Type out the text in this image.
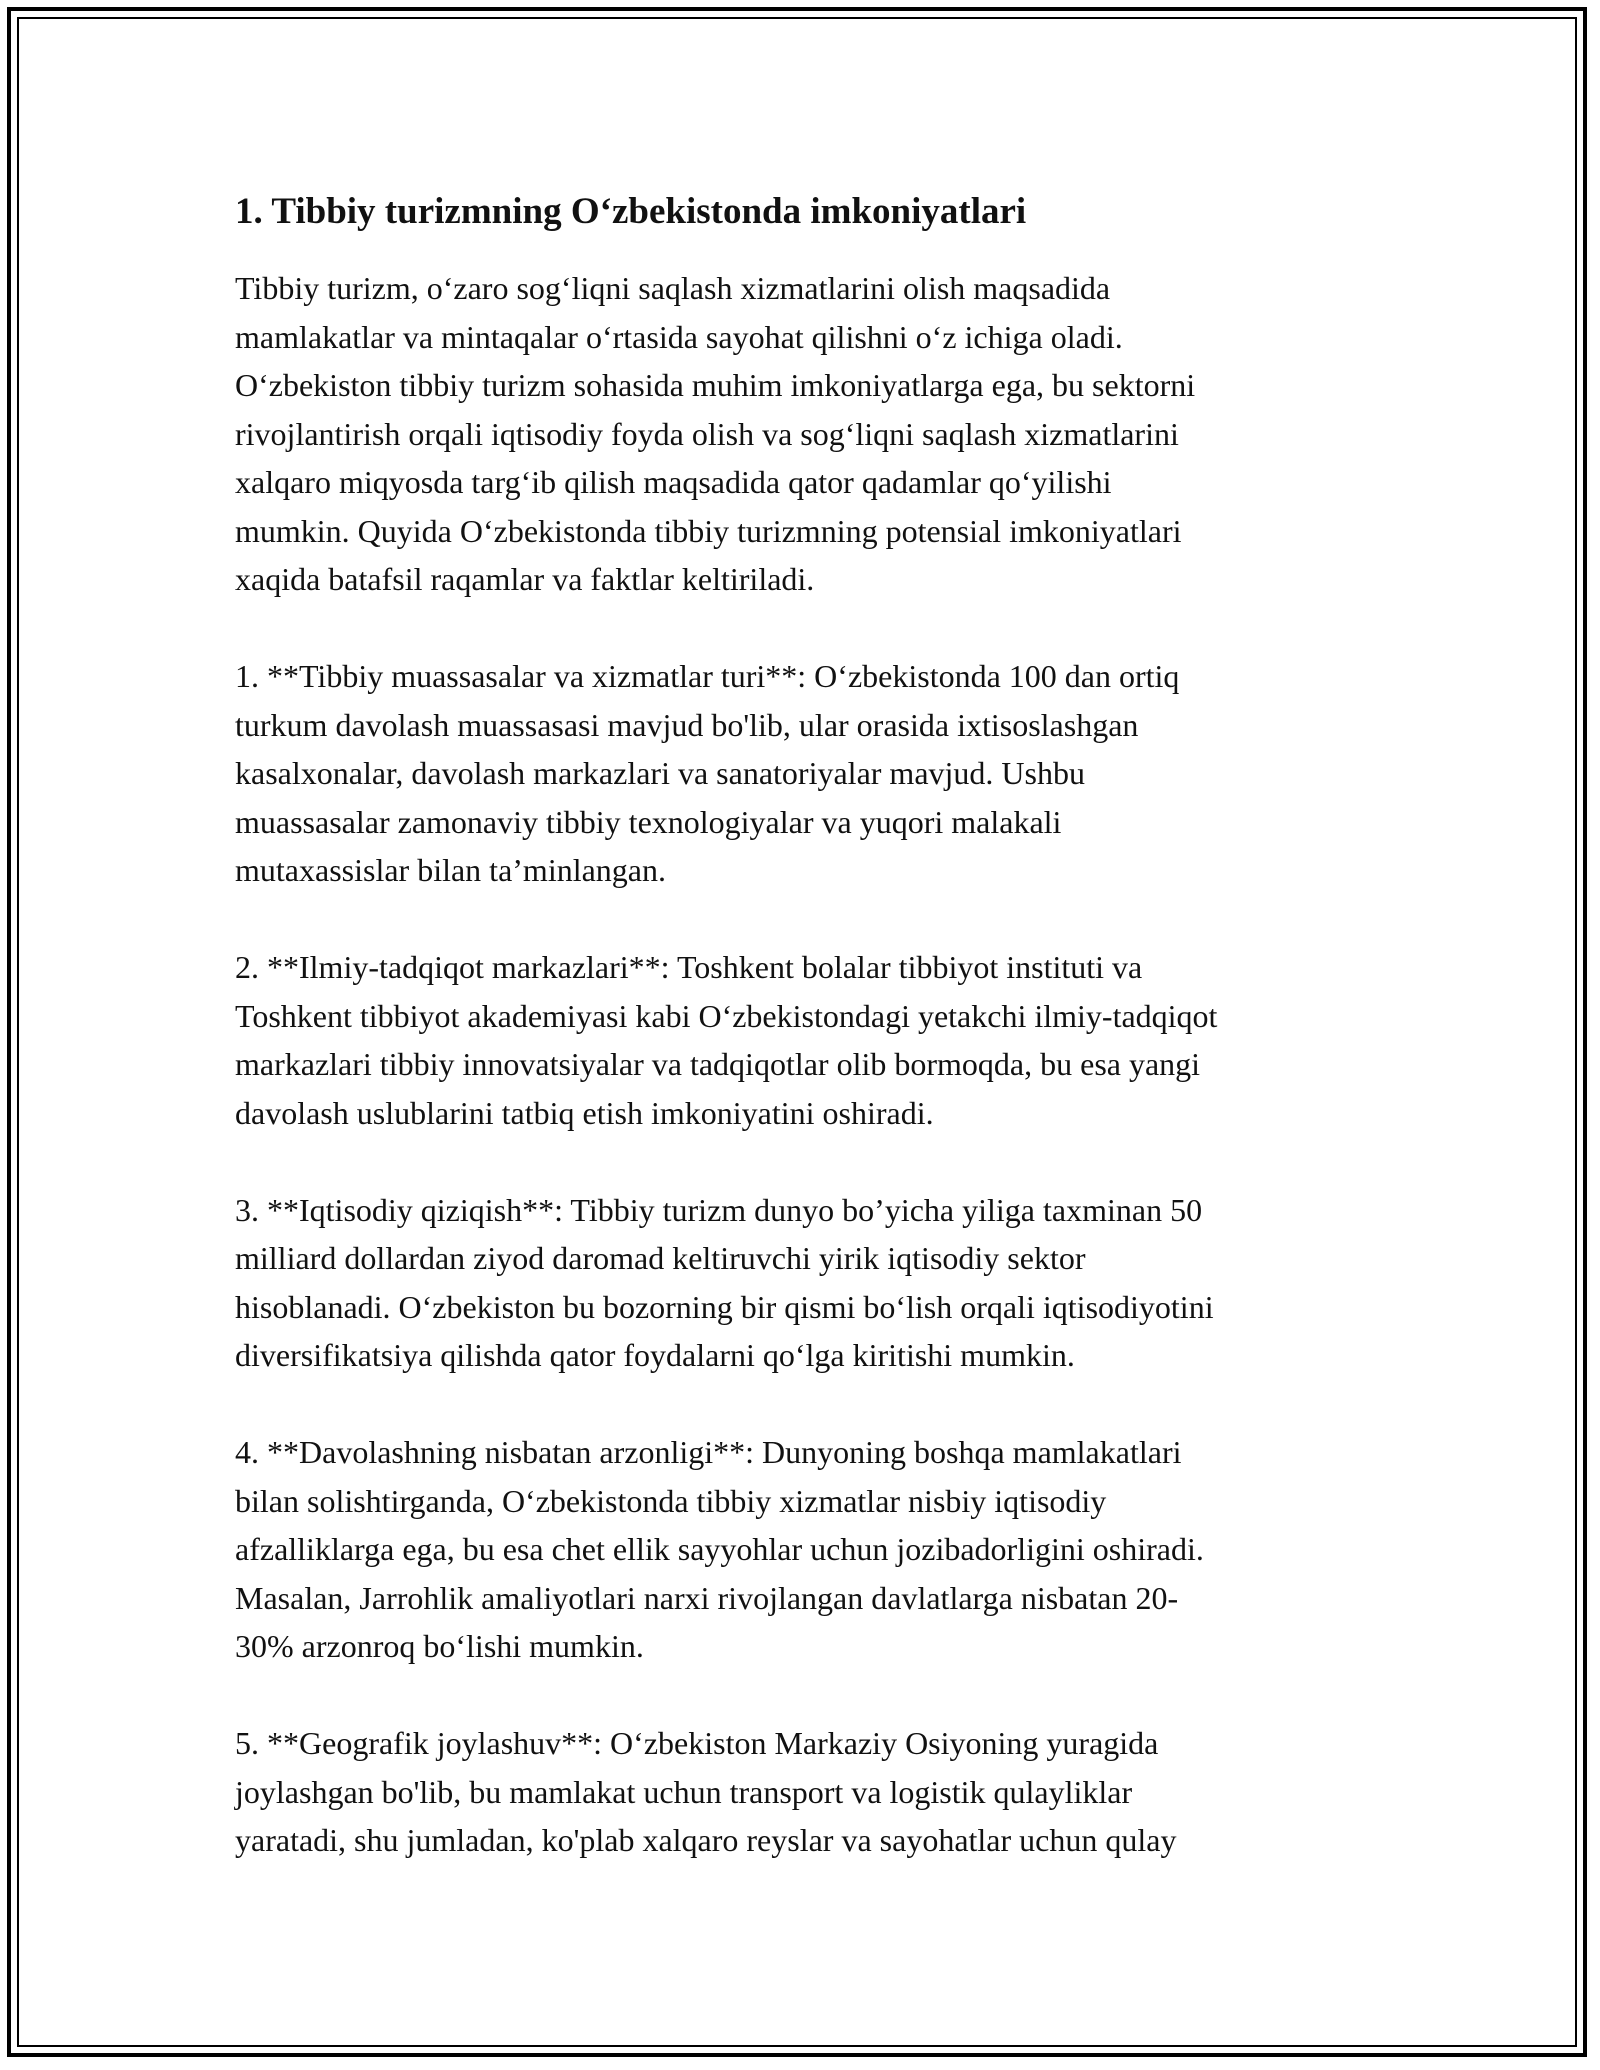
1. Tibbiy turizmning O‘zbekistonda imkoniyatlari

Tibbiy turizm, o‘zaro sog‘liqni saqlash xizmatlarini olish maqsadida
mamlakatlar va mintaqalar o‘rtasida sayohat qilishni o‘z ichiga oladi.
O‘zbekiston tibbiy turizm sohasida muhim imkoniyatlarga ega, bu sektorni
rivojlantirish orqali iqtisodiy foyda olish va sog‘liqni saqlash xizmatlarini
xalqaro miqyosda targ‘ib qilish maqsadida qator qadamlar qo‘yilishi
mumkin. Quyida O‘zbekistonda tibbiy turizmning potensial imkoniyatlari
xaqida batafsil raqamlar va faktlar keltiriladi.

1. **Tibbiy muassasalar va xizmatlar turi**: O‘zbekistonda 100 dan ortiq
turkum davolash muassasasi mavjud bo'lib, ular orasida ixtisoslashgan
kasalxonalar, davolash markazlari va sanatoriyalar mavjud. Ushbu
muassasalar zamonaviy tibbiy texnologiyalar va yuqori malakali
mutaxassislar bilan ta’minlangan.

2. **Ilmiy-tadqiqot markazlari**: Toshkent bolalar tibbiyot instituti va
Toshkent tibbiyot akademiyasi kabi O‘zbekistondagi yetakchi ilmiy-tadqiqot
markazlari tibbiy innovatsiyalar va tadqiqotlar olib bormoqda, bu esa yangi
davolash uslublarini tatbiq etish imkoniyatini oshiradi.

3. **Iqtisodiy qiziqish**: Tibbiy turizm dunyo bo’yicha yiliga taxminan 50
milliard dollardan ziyod daromad keltiruvchi yirik iqtisodiy sektor
hisoblanadi. O‘zbekiston bu bozorning bir qismi bo‘lish orqali iqtisodiyotini
diversifikatsiya qilishda qator foydalarni qo‘lga kiritishi mumkin.

4. **Davolashning nisbatan arzonligi**: Dunyoning boshqa mamlakatlari
bilan solishtirganda, O‘zbekistonda tibbiy xizmatlar nisbiy iqtisodiy
afzalliklarga ega, bu esa chet ellik sayyohlar uchun jozibadorligini oshiradi.
Masalan, Jarrohlik amaliyotlari narxi rivojlangan davlatlarga nisbatan 20-
30% arzonroq bo‘lishi mumkin.

5. **Geografik joylashuv**: O‘zbekiston Markaziy Osiyoning yuragida
joylashgan bo'lib, bu mamlakat uchun transport va logistik qulayliklar
yaratadi, shu jumladan, ko'plab xalqaro reyslar va sayohatlar uchun qulay
